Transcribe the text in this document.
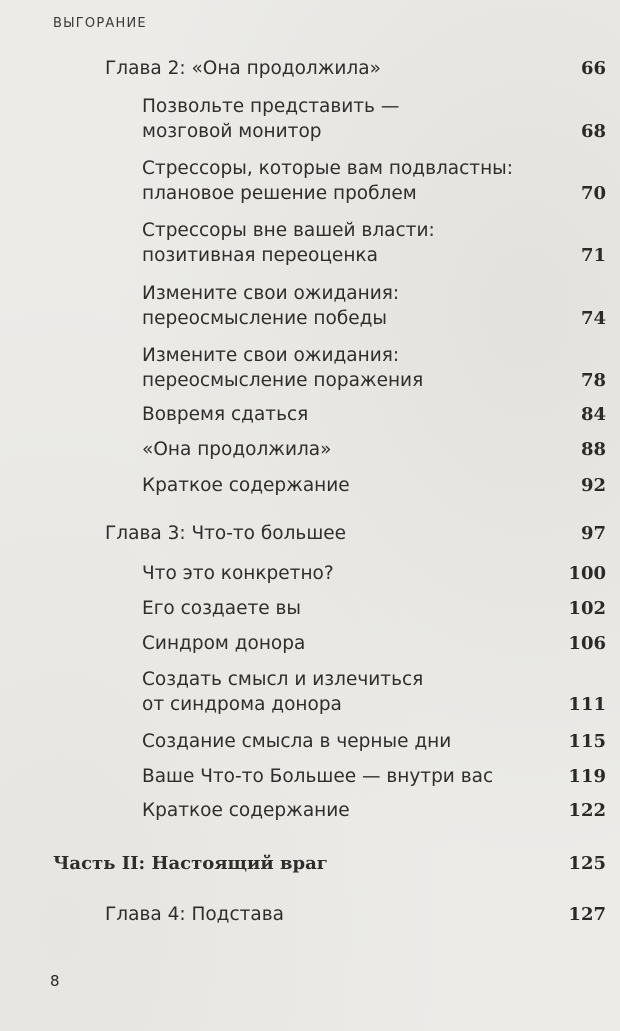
ВЫГОРАНИЕ
Глава 2: «Она продолжила»	66
Позвольте представить —
мозговой монитор	68
Стрессоры, которые вам подвластны:
плановое решение проблем	70
Стрессоры вне вашей власти:
позитивная переоценка	71
Измените свои ожидания:
переосмысление победы	74
Измените свои ожидания:
переосмысление поражения	78
Вовремя сдаться	84
«Она продолжила»	88
Краткое содержание	92
Глава 3: Что-то большее	97
Что это конкретно?	100
Его создаете вы	102
Синдром донора	106
Создать смысл и излечиться
от синдрома донора	111
Создание смысла в черные дни	115
Ваше Что-то Большее — внутри вас	119
Краткое содержание	122
Часть II: Настоящий враг	125
Глава 4: Подстава	127
8
